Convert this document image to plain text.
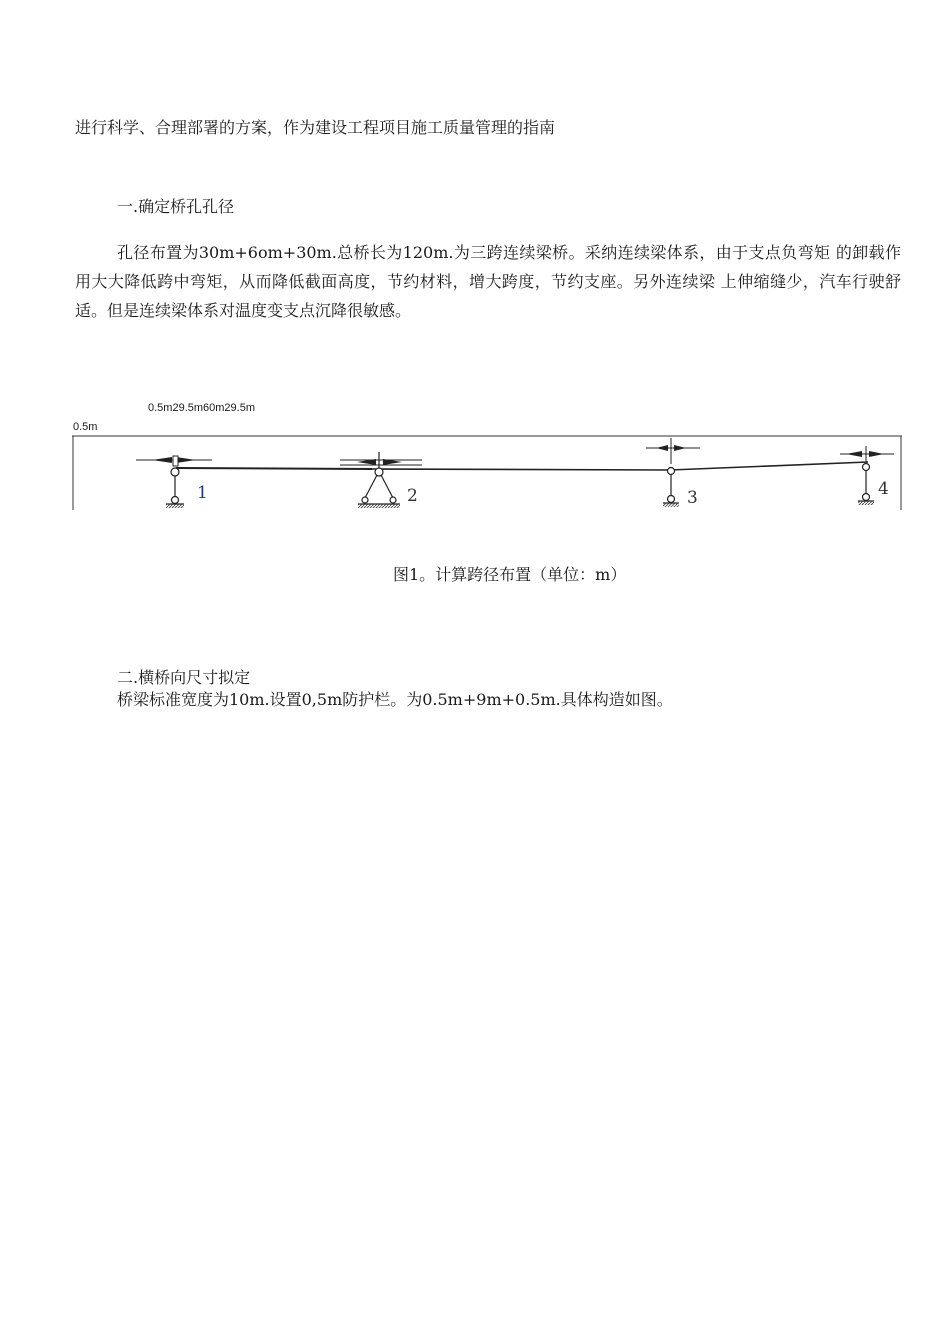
进行科学、合理部署的方案，作为建设工程项目施工质量管理的指南
一.确定桥孔孔径
孔径布置为30m+6om+30m.总桥长为120m.为三跨连续梁桥。采纳连续梁体系，由于支点负弯矩 的卸载作用大大降低跨中弯矩，从而降低截面高度，节约材料，增大跨度，节约支座。另外连续梁 上伸缩缝少，汽车行驶舒适。但是连续梁体系对温度变支点沉降很敏感。
0.5m29.5m60m29.5m
0.5m
1	2	3	4
图1。计算跨径布置（单位：m）
二.横桥向尺寸拟定
桥梁标准宽度为10m.设置0,5m防护栏。为0.5m+9m+0.5m.具体构造如图。
